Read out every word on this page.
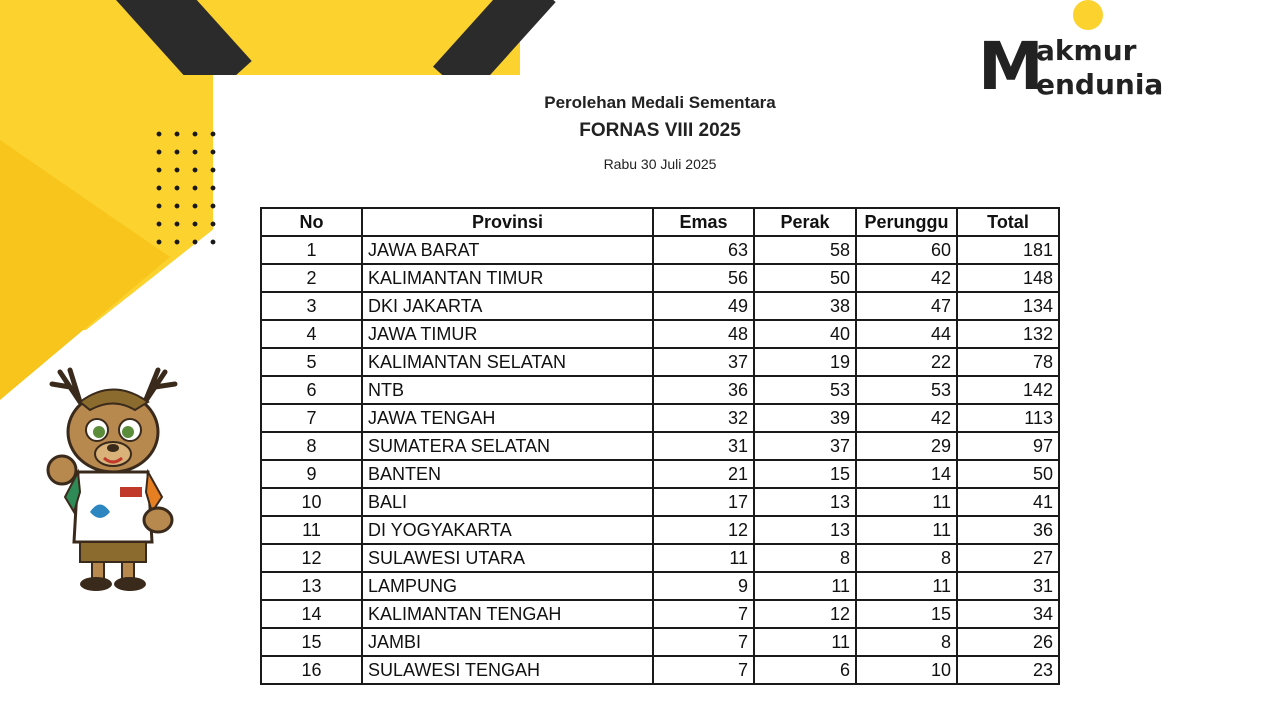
M
akmur
endunia
Perolehan Medali Sementara
FORNAS VIII 2025
Rabu 30 Juli 2025
No	Provinsi	Emas	Perak	Perunggu	Total
1	JAWA BARAT	63	58	60	181
2	KALIMANTAN TIMUR	56	50	42	148
3	DKI JAKARTA	49	38	47	134
4	JAWA TIMUR	48	40	44	132
5	KALIMANTAN SELATAN	37	19	22	78
6	NTB	36	53	53	142
7	JAWA TENGAH	32	39	42	113
8	SUMATERA SELATAN	31	37	29	97
9	BANTEN	21	15	14	50
10	BALI	17	13	11	41
11	DI YOGYAKARTA	12	13	11	36
12	SULAWESI UTARA	11	8	8	27
13	LAMPUNG	9	11	11	31
14	KALIMANTAN TENGAH	7	12	15	34
15	JAMBI	7	11	8	26
16	SULAWESI TENGAH	7	6	10	23
